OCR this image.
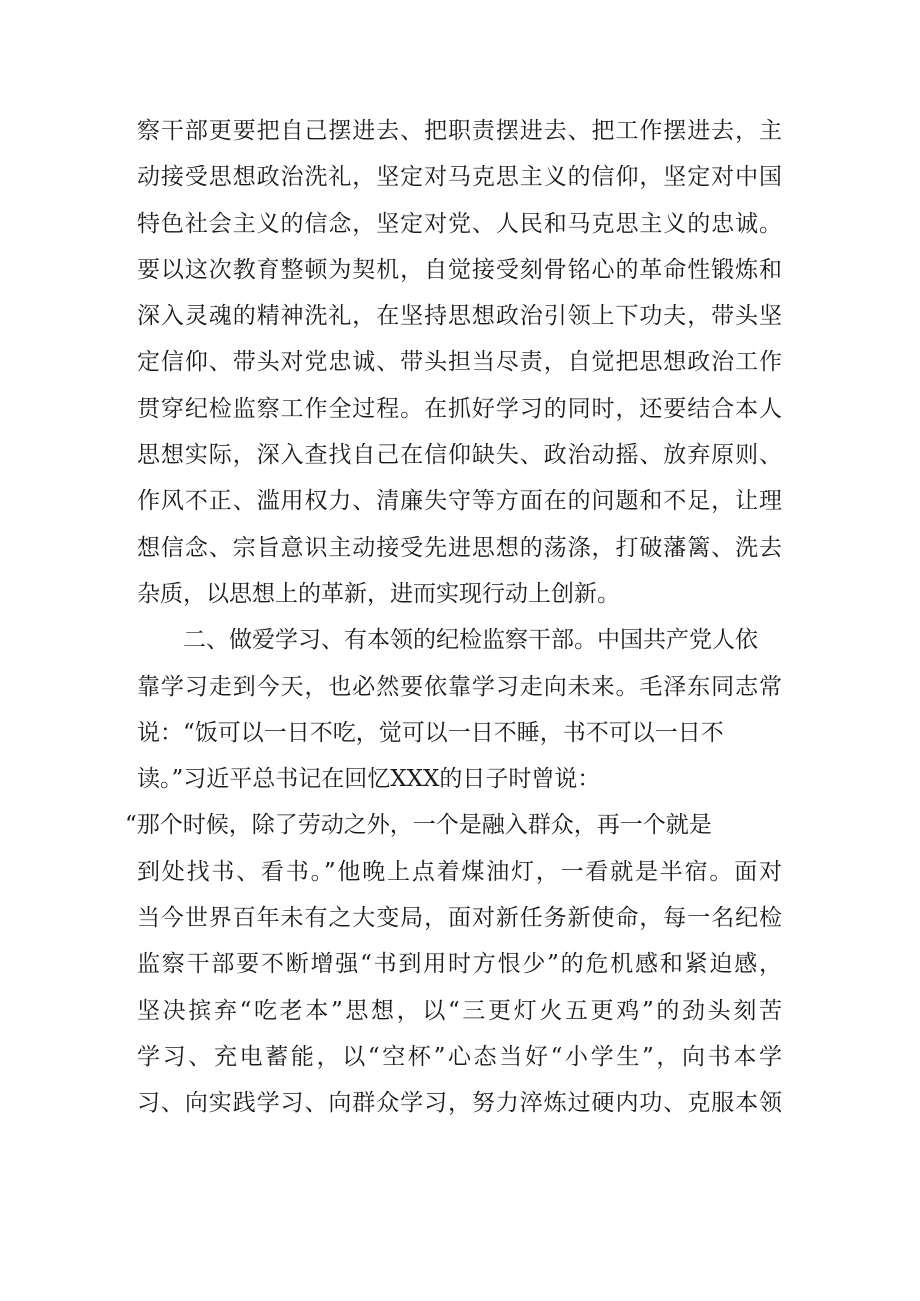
察干部更要把自己摆进去、把职责摆进去、把工作摆进去，主
动接受思想政治洗礼，坚定对马克思主义的信仰，坚定对中国
特色社会主义的信念，坚定对党、人民和马克思主义的忠诚。
要以这次教育整顿为契机，自觉接受刻骨铭心的革命性锻炼和
深入灵魂的精神洗礼，在坚持思想政治引领上下功夫，带头坚
定信仰、带头对党忠诚、带头担当尽责，自觉把思想政治工作
贯穿纪检监察工作全过程。在抓好学习的同时，还要结合本人
思想实际，深入查找自己在信仰缺失、政治动摇、放弃原则、
作风不正、滥用权力、清廉失守等方面在的问题和不足，让理
想信念、宗旨意识主动接受先进思想的荡涤，打破藩篱、洗去
杂质，以思想上的革新，进而实现行动上创新。
二、做爱学习、有本领的纪检监察干部。中国共产党人依
靠学习走到今天，也必然要依靠学习走向未来。毛泽东同志常
说：“饭可以一日不吃，觉可以一日不睡，书不可以一日不
读。”习近平总书记在回忆XXX的日子时曾说：
“那个时候，除了劳动之外，一个是融入群众，再一个就是
到处找书、看书。”他晚上点着煤油灯，一看就是半宿。面对
当今世界百年未有之大变局，面对新任务新使命，每一名纪检
监察干部要不断增强“书到用时方恨少”的危机感和紧迫感，
坚决摈弃“吃老本”思想，以“三更灯火五更鸡”的劲头刻苦
学习、充电蓄能，以“空杯”心态当好“小学生”，向书本学
习、向实践学习、向群众学习，努力淬炼过硬内功、克服本领
